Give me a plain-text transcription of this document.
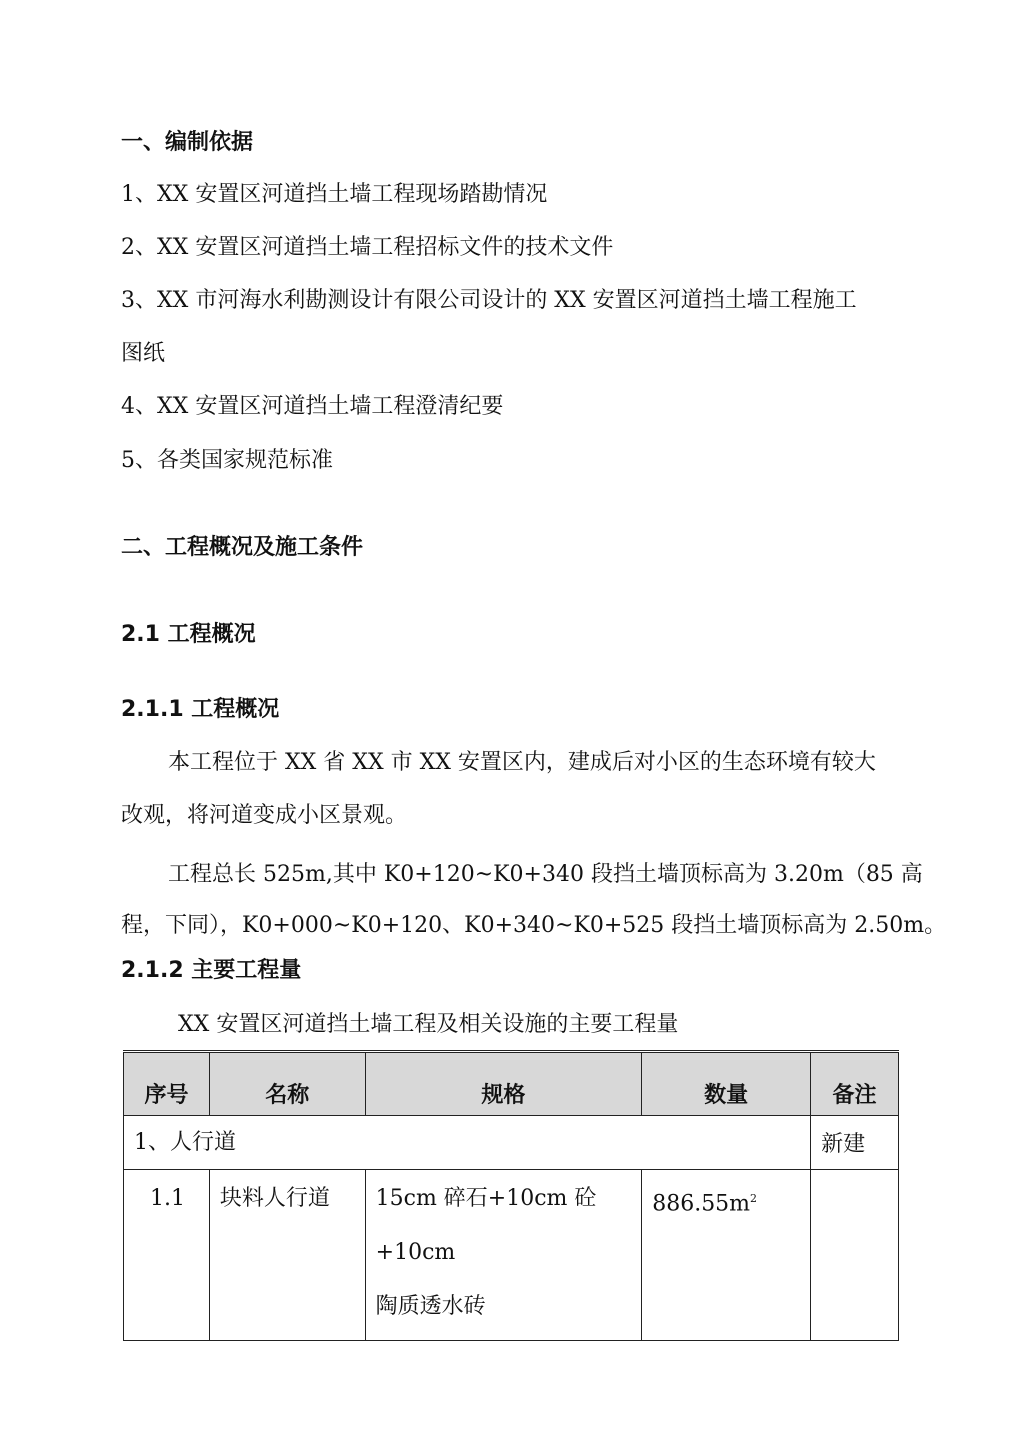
一、编制依据
1、XX 安置区河道挡土墙工程现场踏勘情况
2、XX 安置区河道挡土墙工程招标文件的技术文件
3、XX 市河海水利勘测设计有限公司设计的 XX 安置区河道挡土墙工程施工
图纸
4、XX 安置区河道挡土墙工程澄清纪要
5、各类国家规范标准
二、工程概况及施工条件
2.1 工程概况
2.1.1 工程概况
本工程位于 XX 省 XX 市 XX 安置区内，建成后对小区的生态环境有较大
改观，将河道变成小区景观。
工程总长 525m,其中 K0+120~K0+340 段挡土墙顶标高为 3.20m（85 高
程，下同），K0+000~K0+120、K0+340~K0+525 段挡土墙顶标高为 2.50m。
2.1.2 主要工程量
XX 安置区河道挡土墙工程及相关设施的主要工程量
序号	名称	规格	数量	备注
1、人行道				新建
1.1	块料人行道	15cm 碎石+10cm 砼+10cm
陶质透水砖	$886.55m^2$	
